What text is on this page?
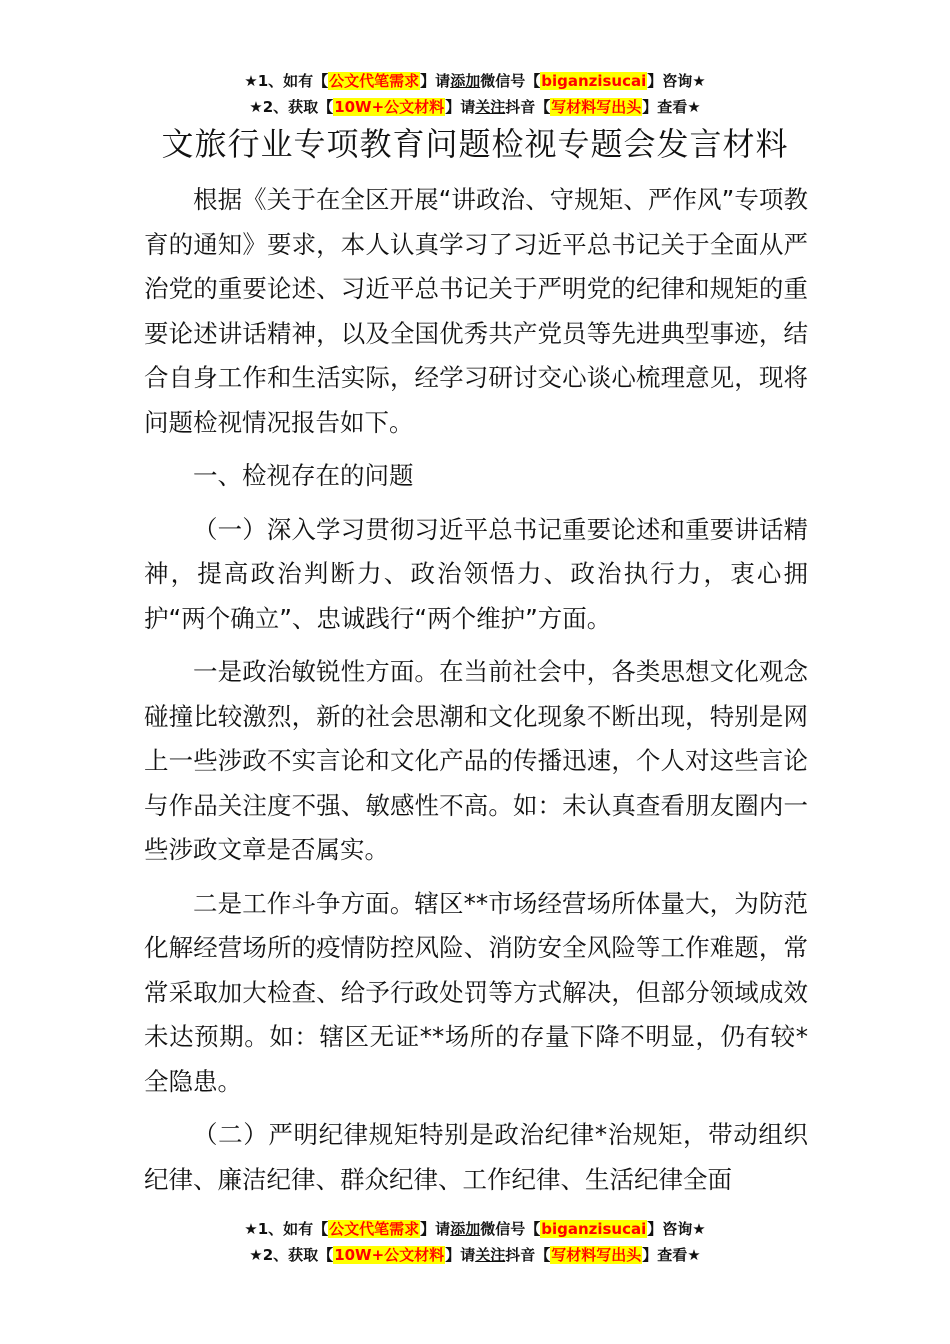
★1、如有【公文代笔需求】请添加微信号【biganzisucai】咨询★
★2、获取【10W+公文材料】请关注抖音【写材料写出头】查看★
文旅行业专项教育问题检视专题会发言材料

根据《关于在全区开展“讲政治、守规矩、严作风”专项教育的通知》要求，本人认真学习了习近平总书记关于全面从严治党的重要论述、习近平总书记关于严明党的纪律和规矩的重要论述讲话精神，以及全国优秀共产党员等先进典型事迹，结合自身工作和生活实际，经学习研讨交心谈心梳理意见，现将问题检视情况报告如下。

一、检视存在的问题

（一）深入学习贯彻习近平总书记重要论述和重要讲话精神，提高政治判断力、政治领悟力、政治执行力，衷心拥护“两个确立”、忠诚践行“两个维护”方面。

一是政治敏锐性方面。在当前社会中，各类思想文化观念碰撞比较激烈，新的社会思潮和文化现象不断出现，特别是网上一些涉政不实言论和文化产品的传播迅速，个人对这些言论与作品关注度不强、敏感性不高。如：未认真查看朋友圈内一些涉政文章是否属实。

二是工作斗争方面。辖区**市场经营场所体量大，为防范化解经营场所的疫情防控风险、消防安全风险等工作难题，常常采取加大检查、给予行政处罚等方式解决，但部分领域成效未达预期。如：辖区无证**场所的存量下降不明显，仍有较*全隐患。

（二）严明纪律规矩特别是政治纪律*治规矩，带动组织纪律、廉洁纪律、群众纪律、工作纪律、生活纪律全面

★1、如有【公文代笔需求】请添加微信号【biganzisucai】咨询★
★2、获取【10W+公文材料】请关注抖音【写材料写出头】查看★
